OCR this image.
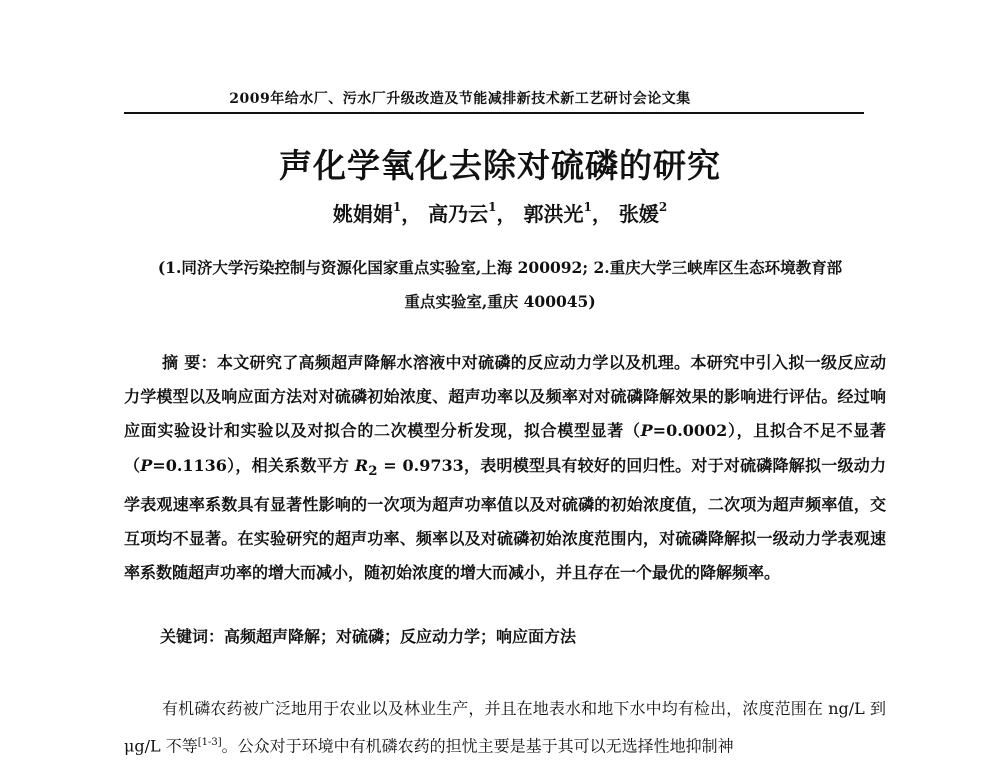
2009年给水厂、污水厂升级改造及节能减排新技术新工艺研讨会论文集
声化学氧化去除对硫磷的研究
姚娟娟$^1$， 高乃云$^1$， 郭洪光$^1$， 张媛$^2$
(1.同济大学污染控制与资源化国家重点实验室,上海 200092; 2.重庆大学三峡库区生态环境教育部
重点实验室,重庆 400045)

摘 要：本文研究了高频超声降解水溶液中对硫磷的反应动力学以及机理。本研究中引入拟一级反应动力学模型以及响应面方法对对硫磷初始浓度、超声功率以及频率对对硫磷降解效果的影响进行评估。经过响应面实验设计和实验以及对拟合的二次模型分析发现，拟合模型显著（P=0.0002），且拟合不足不显著（P=0.1136），相关系数平方 $R_2 = 0.9733$，表明模型具有较好的回归性。对于对硫磷降解拟一级动力学表观速率系数具有显著性影响的一次项为超声功率值以及对硫磷的初始浓度值，二次项为超声频率值，交互项均不显著。在实验研究的超声功率、频率以及对硫磷初始浓度范围内，对硫磷降解拟一级动力学表观速率系数随超声功率的增大而减小，随初始浓度的增大而减小，并且存在一个最优的降解频率。

关键词：高频超声降解；对硫磷；反应动力学；响应面方法

有机磷农药被广泛地用于农业以及林业生产，并且在地表水和地下水中均有检出，浓度范围在 ng/L 到 μg/L 不等[1-3]。公众对于环境中有机磷农药的担忧主要是基于其可以无选择性地抑制神
